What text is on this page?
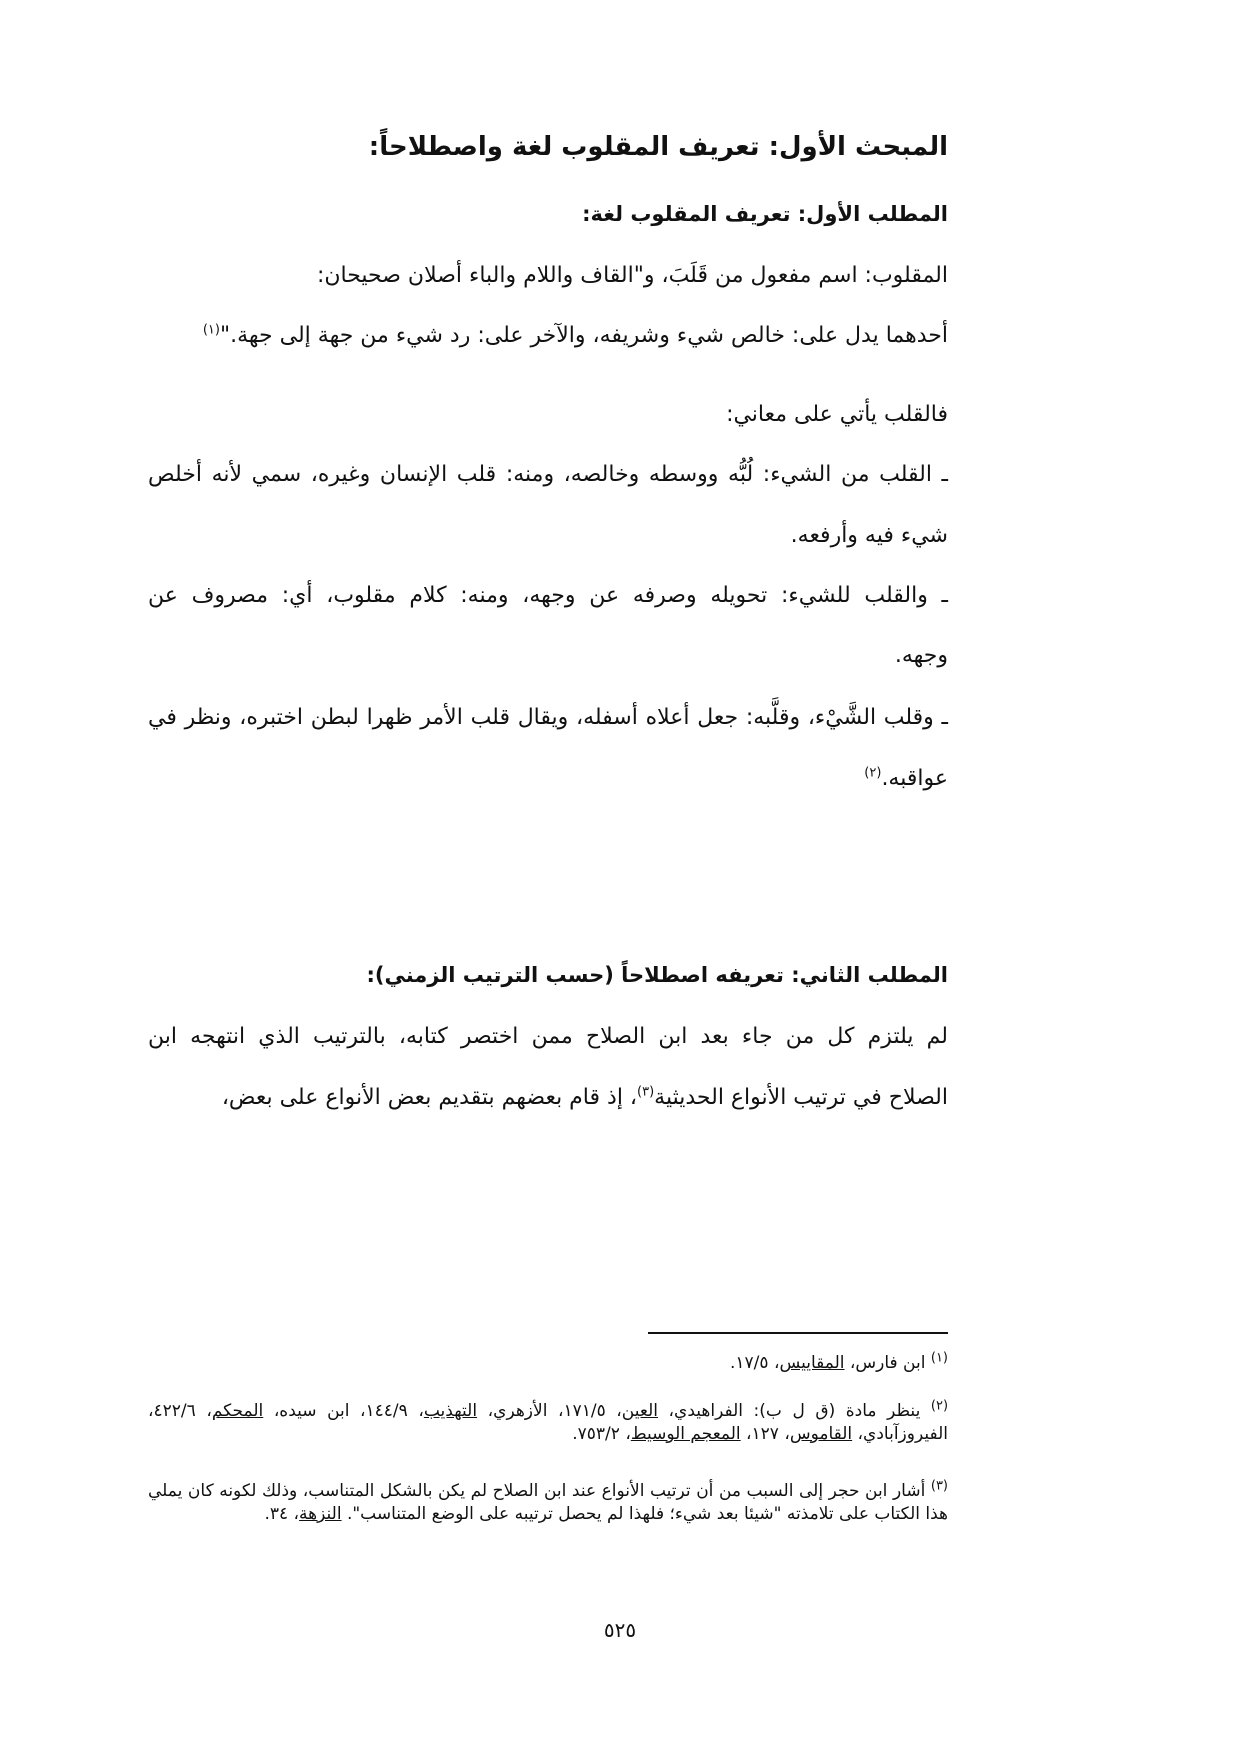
المبحث الأول: تعريف المقلوب لغة واصطلاحاً:

المطلب الأول: تعريف المقلوب لغة:

المقلوب: اسم مفعول من قَلَبَ، و"القاف واللام والباء أصلان صحيحان:

أحدهما يدل على: خالص شيء وشريفه، والآخر على: رد شيء من جهة إلى جهة."$^{(١)}$

فالقلب يأتي على معاني:

ـ القلب من الشيء: لُبُّه ووسطه وخالصه، ومنه: قلب الإنسان وغيره، سمي لأنه أخلص

شيء فيه وأرفعه.

ـ والقلب للشيء: تحويله وصرفه عن وجهه، ومنه: كلام مقلوب، أي: مصروف عن

وجهه.

ـ وقلب الشَّيْء، وقلَّبه: جعل أعلاه أسفله، ويقال قلب الأمر ظهرا لبطن اختبره، ونظر في

عواقبه.$^{(٢)}$

المطلب الثاني: تعريفه اصطلاحاً (حسب الترتيب الزمني):

لم يلتزم كل من جاء بعد ابن الصلاح ممن اختصر كتابه، بالترتيب الذي انتهجه ابن

الصلاح في ترتيب الأنواع الحديثية$^{(٣)}$، إذ قام بعضهم بتقديم بعض الأنواع على بعض،

$^{(١)}$ ابن فارس، المقاييس، ١٧/٥.

$^{(٢)}$ ينظر مادة (ق ل ب): الفراهيدي، العين، ١٧١/٥، الأزهري، التهذيب، ١٤٤/٩، ابن سيده، المحكم، ٤٢٢/٦، الفيروزآبادي، القاموس، ١٢٧، المعجم الوسيط، ٧٥٣/٢.

$^{(٣)}$ أشار ابن حجر إلى السبب من أن ترتيب الأنواع عند ابن الصلاح لم يكن بالشكل المتناسب، وذلك لكونه كان يملي هذا الكتاب على تلامذته "شيئا بعد شيء؛ فلهذا لم يحصل ترتيبه على الوضع المتناسب". النزهة، ٣٤.

٥٢٥
